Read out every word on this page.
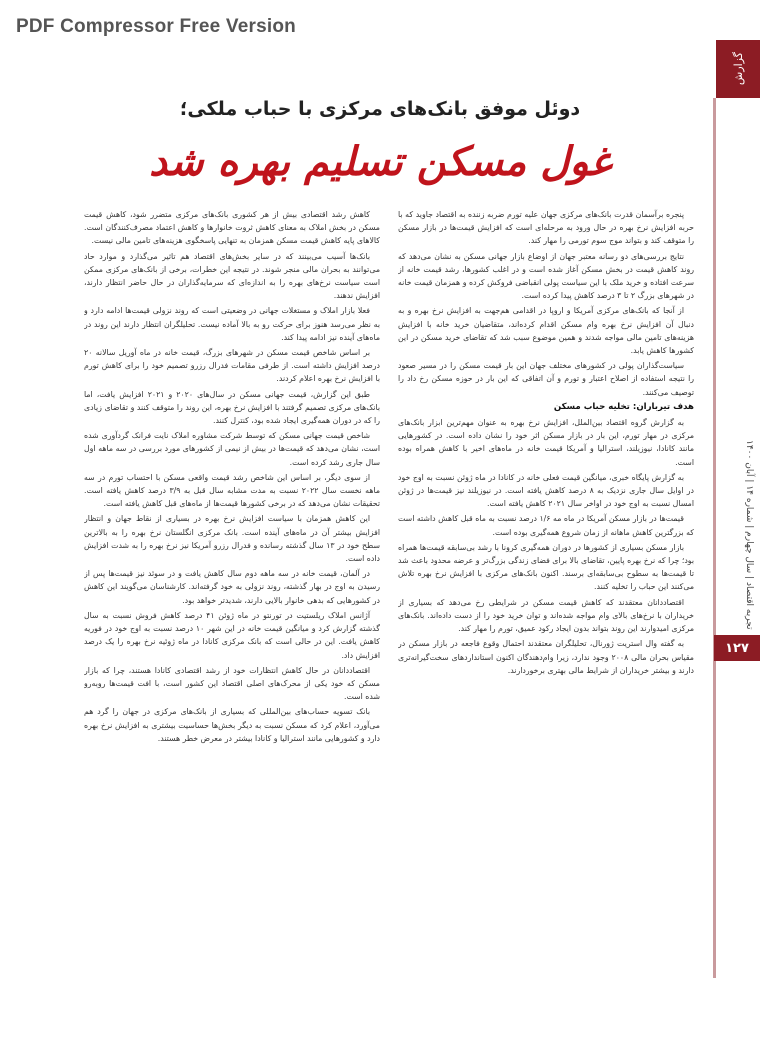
PDF Compressor Free Version
گزارش
تجربه اقتصاد | سال چهارم | شماره ۱۴ | آبان ۱۴۰۰
۱۲۷
دوئل موفق بانک‌های مرکزی با حباب ملکی؛
غول مسکن تسلیم بهره شد

پنجره برآسمان قدرت بانک‌های مرکزی جهان علیه تورم ضربه زننده به اقتصاد جاوید که با حربه افزایش نرخ بهره در حال ورود به مرحله‌ای است که افزایش قیمت‌ها در بازار مسکن را متوقف کند و بتواند موج سوم تورمی را مهار کند.

نتایج بررسی‌های دو رسانه معتبر جهان از اوضاع بازار جهانی مسکن به نشان می‌دهد که روند کاهش قیمت در بخش مسکن آغاز شده است و در اغلب کشورها، رشد قیمت خانه از سرعت افتاده و خرید ملک با این سیاست پولی انقباضی فروکش کرده و همزمان قیمت خانه در شهرهای بزرگ ۲ تا ۳ درصد کاهش پیدا کرده است.

از آنجا که بانک‌های مرکزی آمریکا و اروپا در اقدامی هم‌جهت به افزایش نرخ بهره و به دنبال آن افزایش نرخ بهره وام مسکن اقدام کرده‌اند، متقاضیان خرید خانه با افزایش هزینه‌های تامین مالی مواجه شدند و همین موضوع سبب شد که تقاضای خرید مسکن در این کشورها کاهش یابد.

سیاست‌گذاران پولی در کشورهای مختلف جهان این بار قیمت مسکن را در مسیر صعود را نتیجه استفاده از اصلاح اعتبار و تورم و آن اتفاقی که این بار در حوزه مسکن رخ داد را توصیف می‌کنند.

هدف تیرباران: تخلیه حباب مسکن

به گزارش گروه اقتصاد بین‌الملل، افزایش نرخ بهره به عنوان مهم‌ترین ابزار بانک‌های مرکزی در مهار تورم، این بار در بازار مسکن اثر خود را نشان داده است. در کشورهایی مانند کانادا، نیوزیلند، استرالیا و آمریکا قیمت خانه در ماه‌های اخیر با کاهش همراه بوده است.

به گزارش پایگاه خبری، میانگین قیمت فعلی خانه در کانادا در ماه ژوئن نسبت به اوج خود در اوایل سال جاری نزدیک به ۸ درصد کاهش یافته است. در نیوزیلند نیز قیمت‌ها در ژوئن امسال نسبت به اوج خود در اواخر سال ۲۰۲۱ کاهش یافته است.

قیمت‌ها در بازار مسکن آمریکا در ماه مه ۱/۶ درصد نسبت به ماه قبل کاهش داشته است که بزرگترین کاهش ماهانه از زمان شروع همه‌گیری بوده است.

بازار مسکن بسیاری از کشورها در دوران همه‌گیری کرونا با رشد بی‌سابقه قیمت‌ها همراه بود؛ چرا که نرخ بهره پایین، تقاضای بالا برای فضای زندگی بزرگ‌تر و عرضه محدود باعث شد تا قیمت‌ها به سطوح بی‌سابقه‌ای برسند. اکنون بانک‌های مرکزی با افزایش نرخ بهره تلاش می‌کنند این حباب را تخلیه کنند.

اقتصاددانان معتقدند که کاهش قیمت مسکن در شرایطی رخ می‌دهد که بسیاری از خریداران با نرخ‌های بالای وام مواجه شده‌اند و توان خرید خود را از دست داده‌اند. بانک‌های مرکزی امیدوارند این روند بتواند بدون ایجاد رکود عمیق، تورم را مهار کند.

به گفته وال استریت ژورنال، تحلیلگران معتقدند احتمال وقوع فاجعه در بازار مسکن در مقیاس بحران مالی ۲۰۰۸ وجود ندارد، زیرا وام‌دهندگان اکنون استانداردهای سخت‌گیرانه‌تری دارند و بیشتر خریداران از شرایط مالی بهتری برخوردارند.

کاهش رشد اقتصادی بیش از هر کشوری بانک‌های مرکزی متضرر شود، کاهش قیمت مسکن در بخش املاک به معنای کاهش ثروت خانوارها و کاهش اعتماد مصرف‌کنندگان است. کالاهای پایه کاهش قیمت مسکن همزمان به تنهایی پاسخگوی هزینه‌های تامین مالی نیست.

بانک‌ها آسیب می‌بینند که در سایر بخش‌های اقتصاد هم تاثیر می‌گذارد و موارد حاد می‌توانند به بحران مالی منجر شوند. در نتیجه این خطرات، برخی از بانک‌های مرکزی ممکن است سیاست نرخ‌های بهره را به اندازه‌ای که سرمایه‌گذاران در حال حاضر انتظار دارند، افزایش ندهند.

فعلا بازار املاک و مستغلات جهانی در وضعیتی است که روند نزولی قیمت‌ها ادامه دارد و به نظر می‌رسد هنوز برای حرکت رو به بالا آماده نیست. تحلیلگران انتظار دارند این روند در ماه‌های آینده نیز ادامه پیدا کند.

بر اساس شاخص قیمت مسکن در شهرهای بزرگ، قیمت خانه در ماه آوریل سالانه ۲۰ درصد افزایش داشته است. از طرفی مقامات فدرال رزرو تصمیم خود را برای کاهش تورم با افزایش نرخ بهره اعلام کردند.

طبق این گزارش، قیمت جهانی مسکن در سال‌های ۲۰۲۰ و ۲۰۲۱ افزایش یافت، اما بانک‌های مرکزی تصمیم گرفتند با افزایش نرخ بهره، این روند را متوقف کنند و تقاضای زیادی را که در دوران همه‌گیری ایجاد شده بود، کنترل کنند.

شاخص قیمت جهانی مسکن که توسط شرکت مشاوره املاک نایت فرانک گردآوری شده است، نشان می‌دهد که قیمت‌ها در بیش از نیمی از کشورهای مورد بررسی در سه ماهه اول سال جاری رشد کرده است.

از سوی دیگر، بر اساس این شاخص رشد قیمت واقعی مسکن با احتساب تورم در سه ماهه نخست سال ۲۰۲۲ نسبت به مدت مشابه سال قبل به ۳/۹ درصد کاهش یافته است. تحقیقات نشان می‌دهد که در برخی کشورها قیمت‌ها از ماه‌های قبل کاهش یافته است.

این کاهش همزمان با سیاست افزایش نرخ بهره در بسیاری از نقاط جهان و انتظار افزایش بیشتر آن در ماه‌های آینده است. بانک مرکزی انگلستان نرخ بهره را به بالاترین سطح خود در ۱۳ سال گذشته رسانده و فدرال رزرو آمریکا نیز نرخ بهره را به شدت افزایش داده است.

در آلمان، قیمت خانه در سه ماهه دوم سال کاهش یافت و در سوئد نیز قیمت‌ها پس از رسیدن به اوج در بهار گذشته، روند نزولی به خود گرفته‌اند. کارشناسان می‌گویند این کاهش در کشورهایی که بدهی خانوار بالایی دارند، شدیدتر خواهد بود.

آژانس املاک ریلستیت در تورنتو در ماه ژوئن ۴۱ درصد کاهش فروش نسبت به سال گذشته گزارش کرد و میانگین قیمت خانه در این شهر ۱۰ درصد نسبت به اوج خود در فوریه کاهش یافت. این در حالی است که بانک مرکزی کانادا در ماه ژوئیه نرخ بهره را یک درصد افزایش داد.

اقتصاددانان در حال کاهش انتظارات خود از رشد اقتصادی کانادا هستند، چرا که بازار مسکن که خود یکی از محرک‌های اصلی اقتصاد این کشور است، با افت قیمت‌ها روبه‌رو شده است.

بانک تسویه حساب‌های بین‌المللی که بسیاری از بانک‌های مرکزی در جهان را گرد هم می‌آورد، اعلام کرد که مسکن نسبت به دیگر بخش‌ها حساسیت بیشتری به افزایش نرخ بهره دارد و کشورهایی مانند استرالیا و کانادا بیشتر در معرض خطر هستند.
